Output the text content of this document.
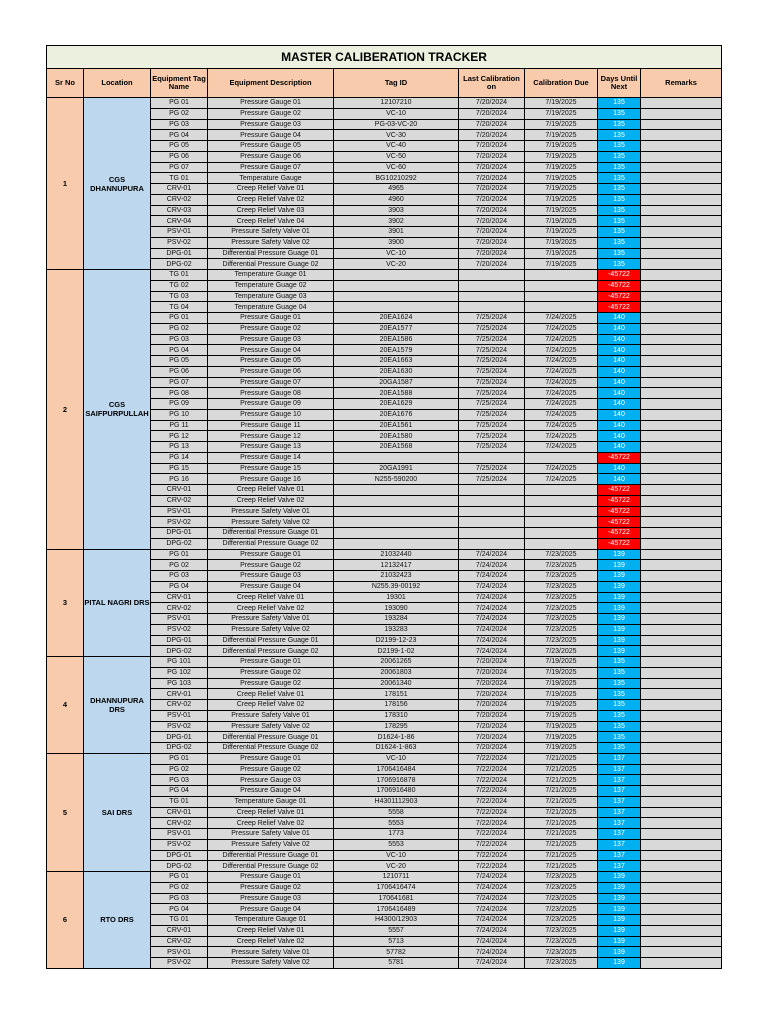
MASTER CALIBERATION TRACKER								
Sr No	Location	Equipment Tag Name	Equipment Description	Tag ID	Last Calibration on	Calibration Due	Days Until Next	Remarks
1	CGS DHANNUPURA	PG 01	Pressure Gauge 01	12107210	7/20/2024	7/19/2025	135	
		PG 02	Pressure Gauge 02	VC-10	7/20/2024	7/19/2025	135	
		PG 03	Pressure Gauge 03	PG-03-VC-20	7/20/2024	7/19/2025	135	
		PG 04	Pressure Gauge 04	VC-30	7/20/2024	7/19/2025	135	
		PG 05	Pressure Gauge 05	VC-40	7/20/2024	7/19/2025	135	
		PG 06	Pressure Gauge 06	VC-50	7/20/2024	7/19/2025	135	
		PG 07	Pressure Gauge 07	VC-60	7/20/2024	7/19/2025	135	
		TG 01	Temperature Gauge	BG10210292	7/20/2024	7/19/2025	135	
		CRV-01	Creep Relief Valve 01	4965	7/20/2024	7/19/2025	135	
		CRV-02	Creep Relief Valve 02	4960	7/20/2024	7/19/2025	135	
		CRV-03	Creep Relief Valve 03	3903	7/20/2024	7/19/2025	135	
		CRV-04	Creep Relief Valve 04	3902	7/20/2024	7/19/2025	135	
		PSV-01	Pressure Safety Valve 01	3901	7/20/2024	7/19/2025	135	
		PSV-02	Pressure Safety Valve 02	3900	7/20/2024	7/19/2025	135	
		DPG-01	Differential Pressure Guage 01	VC-10	7/20/2024	7/19/2025	135	
		DPG-02	Differential Pressure Guage 02	VC-20	7/20/2024	7/19/2025	135	
2	CGS SAIFPURPULLAH	TG 01	Temperature Guage 01				-45722	
		TG 02	Temperature Guage 02				-45722	
		TG 03	Temperature Guage 03				-45722	
		TG 04	Temperature Guage 04				-45722	
		PG 01	Pressure Gauge 01	20EA1624	7/25/2024	7/24/2025	140	
		PG 02	Pressure Gauge 02	20EA1577	7/25/2024	7/24/2025	140	
		PG 03	Pressure Gauge 03	20EA1586	7/25/2024	7/24/2025	140	
		PG 04	Pressure Gauge 04	20EA1579	7/25/2024	7/24/2025	140	
		PG 05	Pressure Gauge 05	20EA1663	7/25/2024	7/24/2025	140	
		PG 06	Pressure Gauge 06	20EA1630	7/25/2024	7/24/2025	140	
		PG 07	Pressure Gauge 07	20GA1587	7/25/2024	7/24/2025	140	
		PG 08	Pressure Gauge 08	20EA1588	7/25/2024	7/24/2025	140	
		PG 09	Pressure Gauge 09	20EA1629	7/25/2024	7/24/2025	140	
		PG 10	Pressure Gauge 10	20EA1676	7/25/2024	7/24/2025	140	
		PG 11	Pressure Gauge 11	20EA1561	7/25/2024	7/24/2025	140	
		PG 12	Pressure Gauge 12	20EA1580	7/25/2024	7/24/2025	140	
		PG 13	Pressure Gauge 13	20EA1568	7/25/2024	7/24/2025	140	
		PG 14	Pressure Gauge 14				-45722	
		PG 15	Pressure Gauge 15	20GA1991	7/25/2024	7/24/2025	140	
		PG 16	Pressure Gauge 16	N255-590200	7/25/2024	7/24/2025	140	
		CRV-01	Creep Relief Valve 01				-45722	
		CRV-02	Creep Relief Valve 02				-45722	
		PSV-01	Pressure Safety Valve 01				-45722	
		PSV-02	Pressure Safety Valve 02				-45722	
		DPG-01	Differential Pressure Guage 01				-45722	
		DPG-02	Differential Pressure Guage 02				-45722	
3	PITAL NAGRI DRS	PG 01	Pressure Gauge 01	21032440	7/24/2024	7/23/2025	139	
		PG 02	Pressure Gauge 02	12132417	7/24/2024	7/23/2025	139	
		PG 03	Pressure Gauge 03	21032423	7/24/2024	7/23/2025	139	
		PG 04	Pressure Gauge 04	N255.39-00192	7/24/2024	7/23/2025	139	
		CRV-01	Creep Relief Valve 01	19301	7/24/2024	7/23/2025	139	
		CRV-02	Creep Relief Valve 02	193090	7/24/2024	7/23/2025	139	
		PSV-01	Pressure Safety Valve 01	193284	7/24/2024	7/23/2025	139	
		PSV-02	Pressure Safety Valve 02	193283	7/24/2024	7/23/2025	139	
		DPG-01	Differential Pressure Guage 01	D2199-12-23	7/24/2024	7/23/2025	139	
		DPG-02	Differential Pressure Guage 02	D2199-1-02	7/24/2024	7/23/2025	139	
4	DHANNUPURA DRS	PG 101	Pressure Gauge 01	20061265	7/20/2024	7/19/2025	135	
		PG 102	Pressure Gauge 02	20061803	7/20/2024	7/19/2025	135	
		PG 103	Pressure Gauge 02	20061340	7/20/2024	7/19/2025	135	
		CRV-01	Creep Relief Valve 01	178151	7/20/2024	7/19/2025	135	
		CRV-02	Creep Relief Valve 02	178156	7/20/2024	7/19/2025	135	
		PSV-01	Pressure Safety Valve 01	178310	7/20/2024	7/19/2025	135	
		PSV-02	Pressure Safety Valve 02	178295	7/20/2024	7/19/2025	135	
		DPG-01	Differential Pressure Guage 01	D1624-1-86	7/20/2024	7/19/2025	135	
		DPG-02	Differential Pressure Guage 02	D1624-1-863	7/20/2024	7/19/2025	135	
5	SAI DRS	PG 01	Pressure Gauge 01	VC-10	7/22/2024	7/21/2025	137	
		PG 02	Pressure Gauge 02	1706416484	7/22/2024	7/21/2025	137	
		PG 03	Pressure Gauge 03	1706916878	7/22/2024	7/21/2025	137	
		PG 04	Pressure Gauge 04	1706916480	7/22/2024	7/21/2025	137	
		TG 01	Temperature Gauge 01	H4301112903	7/22/2024	7/21/2025	137	
		CRV-01	Creep Relief Valve 01	5558	7/22/2024	7/21/2025	137	
		CRV-02	Creep Relief Valve 02	5553	7/22/2024	7/21/2025	137	
		PSV-01	Pressure Safety Valve 01	1773	7/22/2024	7/21/2025	137	
		PSV-02	Pressure Safety Valve 02	5553	7/22/2024	7/21/2025	137	
		DPG-01	Differential Pressure Guage 01	VC-10	7/22/2024	7/21/2025	137	
		DPG-02	Differential Pressure Guage 02	VC-20	7/22/2024	7/21/2025	137	
6	RTO DRS	PG 01	Pressure Gauge 01	1210711	7/24/2024	7/23/2025	139	
		PG 02	Pressure Gauge 02	1706416474	7/24/2024	7/23/2025	139	
		PG 03	Pressure Gauge 03	170641681	7/24/2024	7/23/2025	139	
		PG 04	Pressure Gauge 04	1706416489	7/24/2024	7/23/2025	139	
		TG 01	Temperature Gauge 01	H4300/12903	7/24/2024	7/23/2025	139	
		CRV-01	Creep Relief Valve 01	5557	7/24/2024	7/23/2025	139	
		CRV-02	Creep Relief Valve 02	5713	7/24/2024	7/23/2025	139	
		PSV-01	Pressure Safety Valve 01	57782	7/24/2024	7/23/2025	139	
		PSV-02	Pressure Safety Valve 02	5781	7/24/2024	7/23/2025	139	
